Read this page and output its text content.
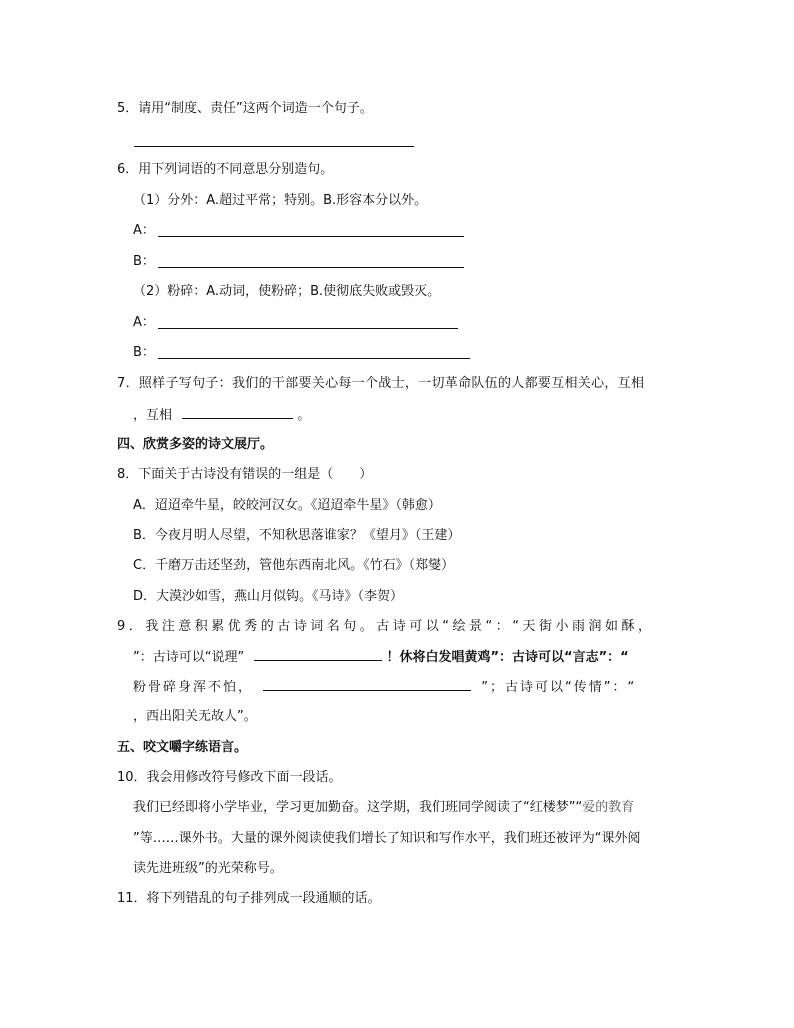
5．请用“制度、责任”这两个词造一个句子。
6．用下列词语的不同意思分别造句。
（1）分外：A.超过平常；特别。B.形容本分以外。
A：
B：
（2）粉碎：A.动词，使粉碎；B.使彻底失败或毁灭。
A：
B：
7．照样子写句子：我们的干部要关心每一个战士，一切革命队伍的人都要互相关心，互相
，互相	。
四、欣赏多姿的诗文展厅。
8．下面关于古诗没有错误的一组是（　　）
A．迢迢牵牛星，皎皎河汉女。《迢迢牵牛星》（韩愈）
B．今夜月明人尽望，不知秋思落谁家？《望月》（王建）
C．千磨万击还坚劲，管他东西南北风。《竹石》（郑燮）
D．大漠沙如雪，燕山月似钩。《马诗》（李贺）
9．我注意积累优秀的古诗词名句。古诗可以“绘景“：“天街小雨润如酥，
”：古诗可以“说理”	！休将白发唱黄鸡”：古诗可以“言志”：“
粉骨碎身浑不怕，	”；古诗可以“传情”：“
，西出阳关无故人”。
五、咬文嚼字练语言。
10．我会用修改符号修改下面一段话。
我们已经即将小学毕业，学习更加勤奋。这学期，我们班同学阅读了“红楼梦”“爱的教育
”等……课外书。大量的课外阅读使我们增长了知识和写作水平，我们班还被评为“课外阅
读先进班级”的光荣称号。
11．将下列错乱的句子排列成一段通顺的话。
